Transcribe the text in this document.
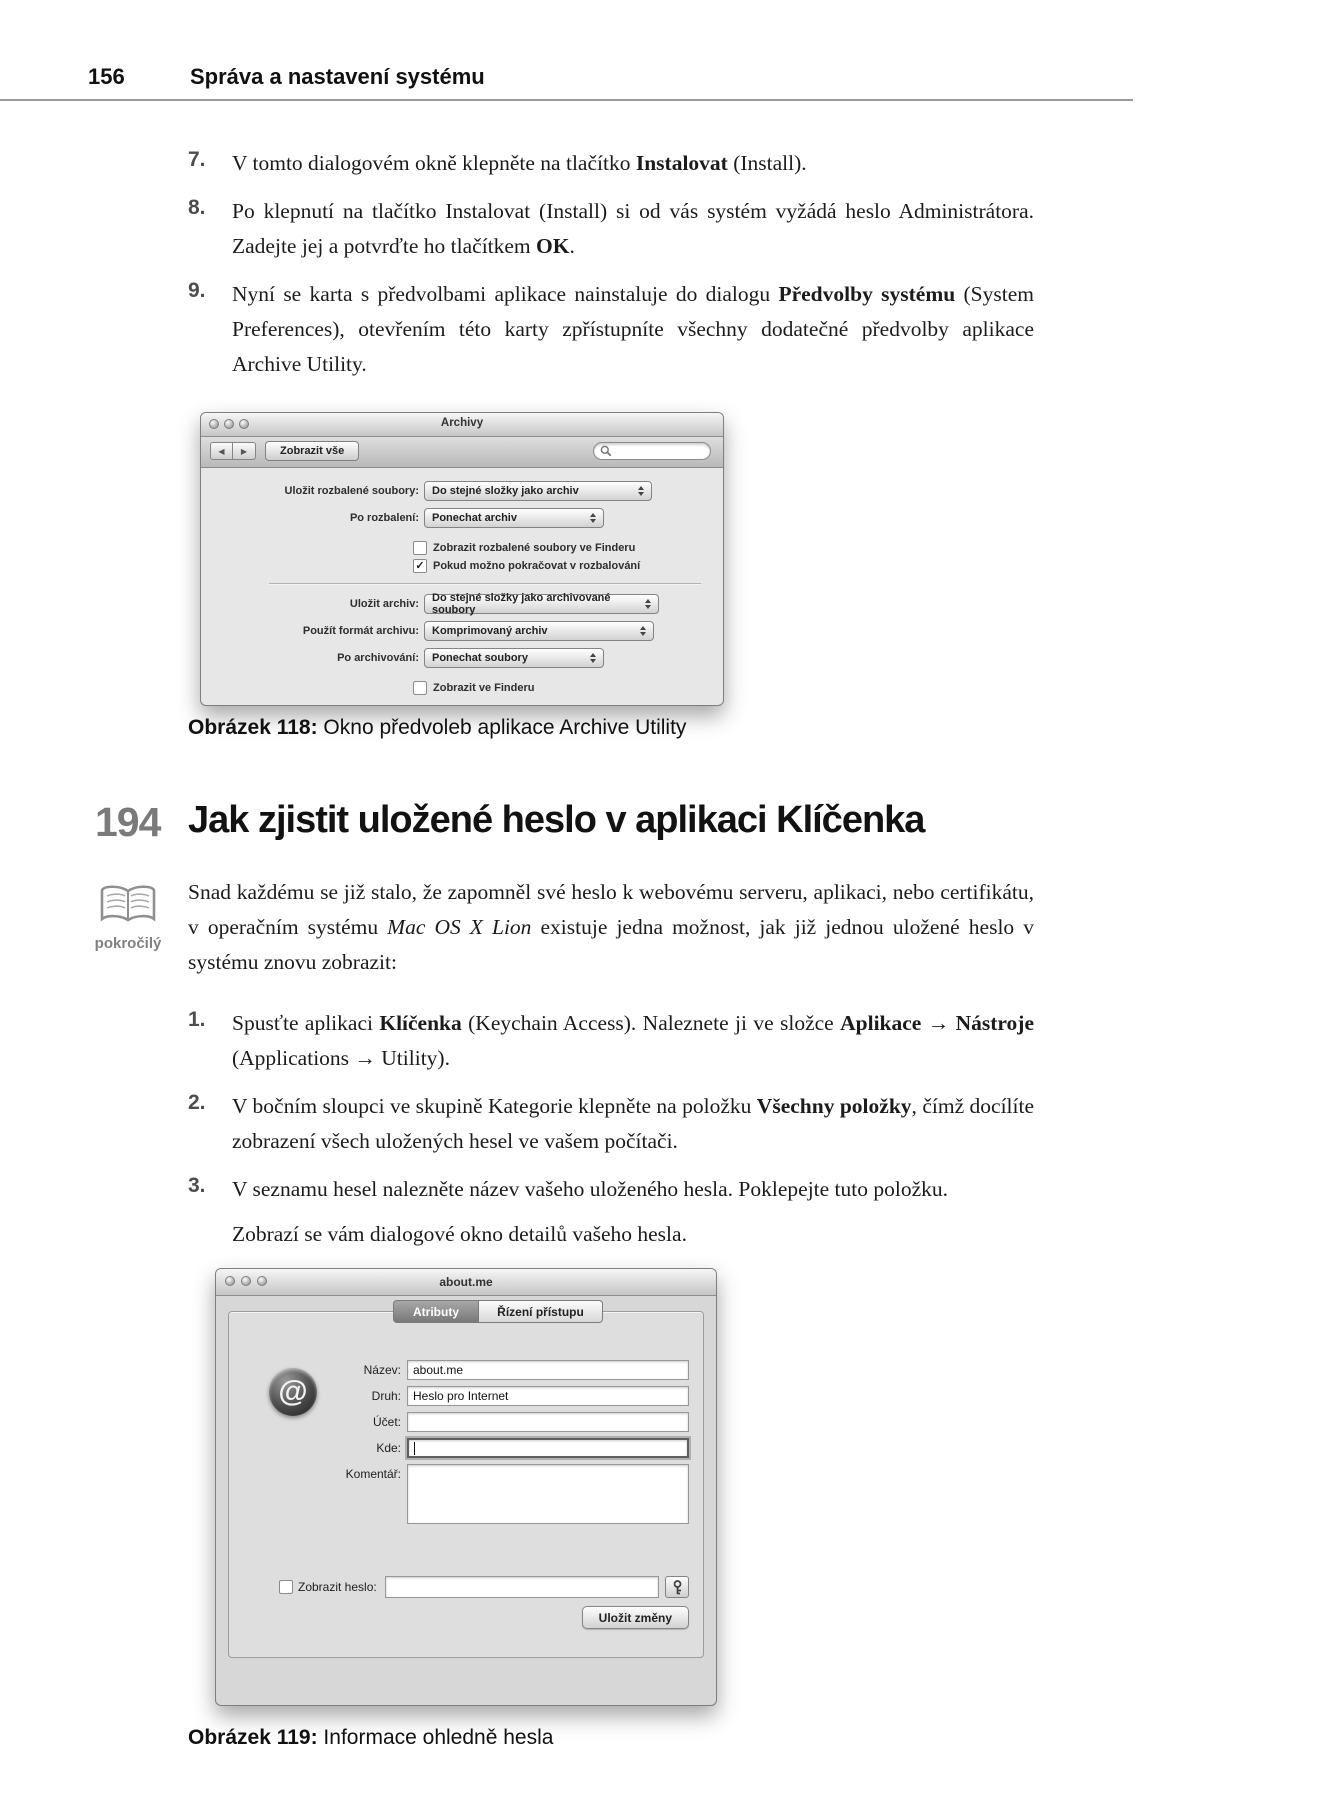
156	Správa a nastavení systému
7.	V tomto dialogovém okně klepněte na tlačítko Instalovat (Install).

8.	Po klepnutí na tlačítko Instalovat (Install) si od vás systém vyžádá heslo Administrátora. Zadejte jej a potvrďte ho tlačítkem OK.

9.	Nyní se karta s předvolbami aplikace nainstaluje do dialogu Předvolby systému (System Preferences), otevřením této karty zpřístupníte všechny dodatečné předvolby aplikace Archive Utility.

Archivy
◀ ▶	Zobrazit vše
Uložit rozbalené soubory: Do stejné složky jako archiv
Po rozbalení: Ponechat archiv
Zobrazit rozbalené soubory ve Finderu
✓ Pokud možno pokračovat v rozbalování
Uložit archiv: Do stejné složky jako archivované soubory
Použít formát archivu: Komprimovaný archiv
Po archivování: Ponechat soubory
Zobrazit ve Finderu
Obrázek 118: Okno předvoleb aplikace Archive Utility
194 Jak zjistit uložené heslo v aplikaci Klíčenka
pokročilý

Snad každému se již stalo, že zapomněl své heslo k webovému serveru, aplikaci, nebo certifikátu, v operačním systému Mac OS X Lion existuje jedna možnost, jak již jednou uložené heslo v systému znovu zobrazit:

1.	Spusťte aplikaci Klíčenka (Keychain Access). Naleznete ji ve složce Aplikace → Nástroje (Applications → Utility).

2.	V bočním sloupci ve skupině Kategorie klepněte na položku Všechny položky, čímž docílíte zobrazení všech uložených hesel ve vašem počítači.

3.	V seznamu hesel nalezněte název vašeho uloženého hesla. Poklepejte tuto položku.

Zobrazí se vám dialogové okno detailů vašeho hesla.

about.me
Atributy	Řízení přístupu
@
Název:	about.me
Druh:	Heslo pro Internet
Účet:
Kde:
Komentář:
Zobrazit heslo:
Uložit změny
Obrázek 119: Informace ohledně hesla
